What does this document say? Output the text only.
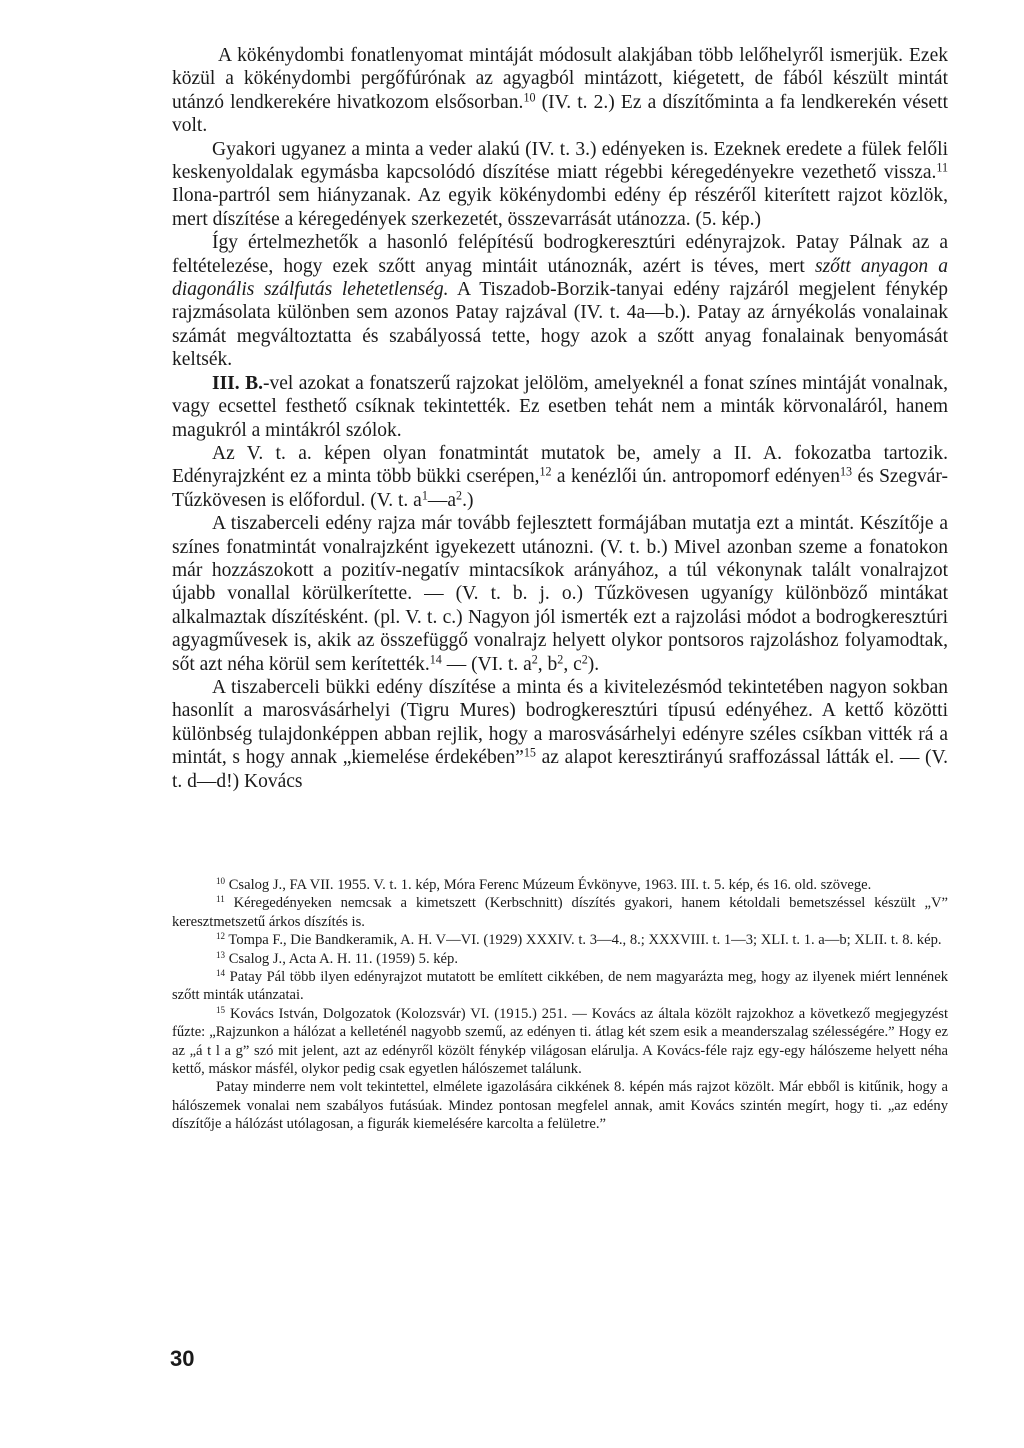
A kökénydombi fonatlenyomat mintáját módosult alakjában több lelőhelyről ismerjük. Ezek közül a kökénydombi pergőfúrónak az agyagból mintázott, kiégetett, de fából készült mintát utánzó lendkerekére hivatkozom elsősorban.$^{10}$ (IV. t. 2.) Ez a díszítőminta a fa lendkerekén vésett volt.

Gyakori ugyanez a minta a veder alakú (IV. t. 3.) edényeken is. Ezeknek eredete a fülek felőli keskenyoldalak egymásba kapcsolódó díszítése miatt régebbi kéregedényekre vezethető vissza.$^{11}$ Ilona-partról sem hiányzanak. Az egyik kökénydombi edény ép részéről kiterített rajzot közlök, mert díszítése a kéregedények szerkezetét, összevarrását utánozza. (5. kép.)

Így értelmezhetők a hasonló felépítésű bodrogkeresztúri edényrajzok. Patay Pálnak az a feltételezése, hogy ezek szőtt anyag mintáit utánoznák, azért is téves, mert szőtt anyagon a diagonális szálfutás lehetetlenség. A Tiszadob-Borzik-tanyai edény rajzáról megjelent fénykép rajzmásolata különben sem azonos Patay rajzával (IV. t. 4a—b.). Patay az árnyékolás vonalainak számát megváltoztatta és szabályossá tette, hogy azok a szőtt anyag fonalainak benyomását keltsék.

III. B.-vel azokat a fonatszerű rajzokat jelölöm, amelyeknél a fonat színes mintáját vonalnak, vagy ecsettel festhető csíknak tekintették. Ez esetben tehát nem a minták körvonaláról, hanem magukról a mintákról szólok.

Az V. t. a. képen olyan fonatmintát mutatok be, amely a II. A. fokozatba tartozik. Edényrajzként ez a minta több bükki cserépen,$^{12}$ a kenézlői ún. antropomorf edényen$^{13}$ és Szegvár-Tűzkövesen is előfordul. (V. t. $a^1—a^2$.)

A tiszaberceli edény rajza már tovább fejlesztett formájában mutatja ezt a mintát. Készítője a színes fonatmintát vonalrajzként igyekezett utánozni. (V. t. b.) Mivel azonban szeme a fonatokon már hozzászokott a pozitív-negatív mintacsíkok arányához, a túl vékonynak talált vonalrajzot újabb vonallal körülkerítette. — (V. t. b. j. o.) Tűzkövesen ugyanígy különböző mintákat alkalmaztak díszítésként. (pl. V. t. c.) Nagyon jól ismerték ezt a rajzolási módot a bodrogkeresztúri agyagművesek is, akik az összefüggő vonalrajz helyett olykor pontsoros rajzoláshoz folyamodtak, sőt azt néha körül sem kerítették.$^{14}$ — (VI. t. $a^2$, $b^2$, $c^2$).

A tiszaberceli bükki edény díszítése a minta és a kivitelezésmód tekintetében nagyon sokban hasonlít a marosvásárhelyi (Tigru Mures) bodrogkeresztúri típusú edényéhez. A kettő közötti különbség tulajdonképpen abban rejlik, hogy a marosvásárhelyi edényre széles csíkban vitték rá a mintát, s hogy annak „kiemelése érdekében”$^{15}$ az alapot keresztirányú sraffozással látták el. — (V. t. d—d!) Kovács

$^{10}$ Csalog J., FA VII. 1955. V. t. 1. kép, Móra Ferenc Múzeum Évkönyve, 1963. III. t. 5. kép, és 16. old. szövege.

$^{11}$ Kéregedényeken nemcsak a kimetszett (Kerbschnitt) díszítés gyakori, hanem kétoldali bemetszéssel készült „V” keresztmetszetű árkos díszítés is.

$^{12}$ Tompa F., Die Bandkeramik, A. H. V—VI. (1929) XXXIV. t. 3—4., 8.; XXXVIII. t. 1—3; XLI. t. 1. a—b; XLII. t. 8. kép.

$^{13}$ Csalog J., Acta A. H. 11. (1959) 5. kép.

$^{14}$ Patay Pál több ilyen edényrajzot mutatott be említett cikkében, de nem magyarázta meg, hogy az ilyenek miért lennének szőtt minták utánzatai.

$^{15}$ Kovács István, Dolgozatok (Kolozsvár) VI. (1915.) 251. — Kovács az általa közölt rajzokhoz a következő megjegyzést fűzte: „Rajzunkon a hálózat a kelleténél nagyobb szemű, az edényen ti. átlag két szem esik a meanderszalag szélességére.” Hogy ez az „á t l a g” szó mit jelent, azt az edényről közölt fénykép világosan elárulja. A Kovács-féle rajz egy-egy hálószeme helyett néha kettő, máskor másfél, olykor pedig csak egyetlen hálószemet találunk.

Patay minderre nem volt tekintettel, elmélete igazolására cikkének 8. képén más rajzot közölt. Már ebből is kitűnik, hogy a hálószemek vonalai nem szabályos futásúak. Mindez pontosan megfelel annak, amit Kovács szintén megírt, hogy ti. „az edény díszítője a hálózást utólagosan, a figurák kiemelésére karcolta a felületre.”

30
